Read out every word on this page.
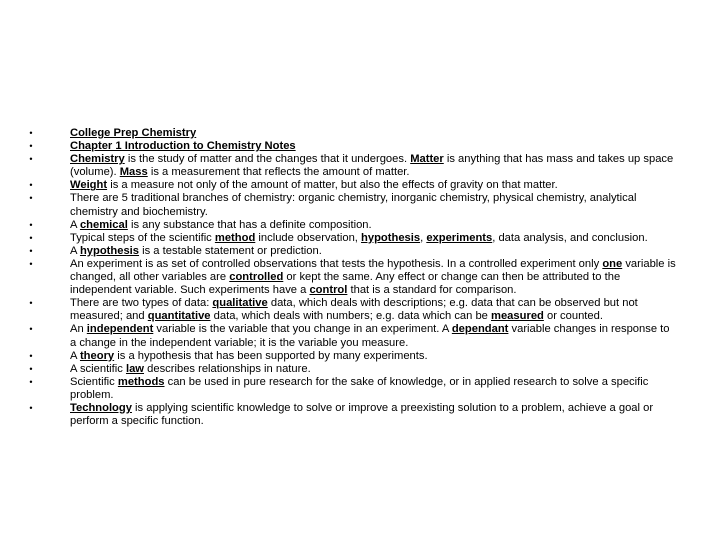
•	College Prep Chemistry
•	Chapter 1 Introduction to Chemistry Notes
•	Chemistry is the study of matter and the changes that it undergoes. Matter is anything that has mass and takes up space (volume). Mass is a measurement that reflects the amount of matter.
•	Weight is a measure not only of the amount of matter, but also the effects of gravity on that matter.
•	There are 5 traditional branches of chemistry: organic chemistry, inorganic chemistry, physical chemistry, analytical chemistry and biochemistry.
•	A chemical is any substance that has a definite composition.
•	Typical steps of the scientific method include observation, hypothesis, experiments, data analysis, and conclusion.
•	A hypothesis is a testable statement or prediction.
•	An experiment is as set of controlled observations that tests the hypothesis. In a controlled experiment only one variable is changed, all other variables are controlled or kept the same. Any effect or change can then be attributed to the independent variable. Such experiments have a control that is a standard for comparison.
•	There are two types of data: qualitative data, which deals with descriptions; e.g. data that can be observed but not measured; and quantitative data, which deals with numbers; e.g. data which can be measured or counted.
•	An independent variable is the variable that you change in an experiment. A dependant variable changes in response to a change in the independent variable; it is the variable you measure.
•	A theory is a hypothesis that has been supported by many experiments.
•	A scientific law describes relationships in nature.
•	Scientific methods can be used in pure research for the sake of knowledge, or in applied research to solve a specific problem.
•	Technology is applying scientific knowledge to solve or improve a preexisting solution to a problem, achieve a goal or perform a specific function.
